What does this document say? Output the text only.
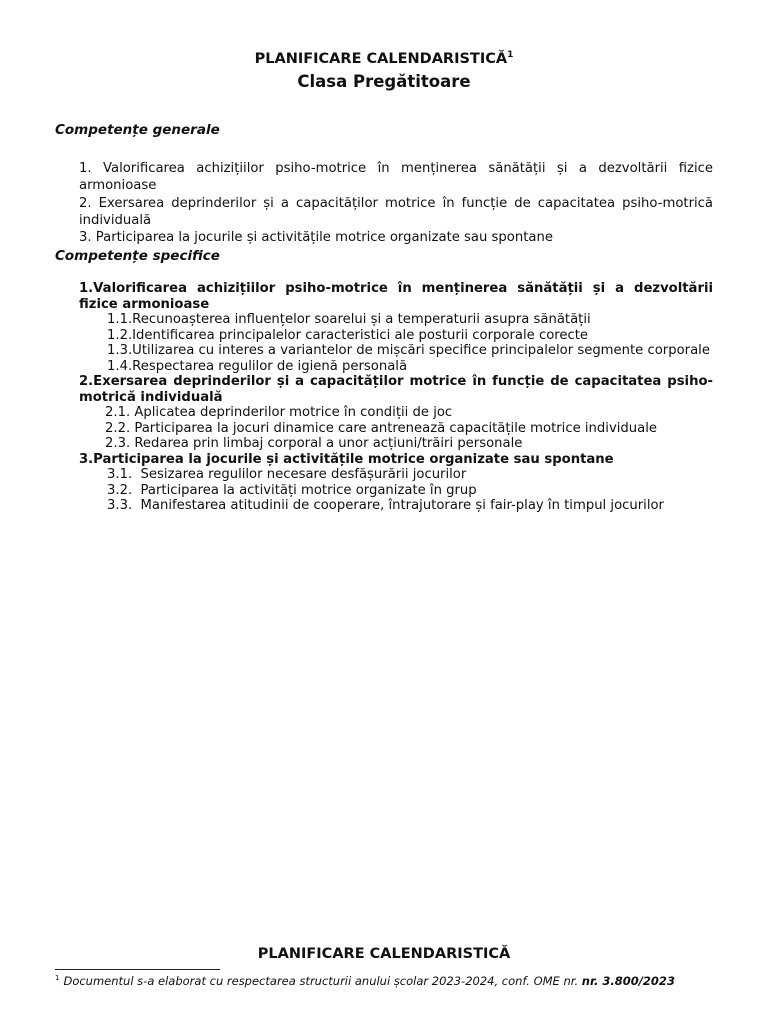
PLANIFICARE CALENDARISTICĂ$^1$
Clasa Pregătitoare
Competențe generale
1. Valorificarea achizițiilor psiho-motrice în menținerea sănătății și a dezvoltării fizice armonioase
2. Exersarea deprinderilor și a capacităților motrice în funcție de capacitatea psiho-motrică individuală
3. Participarea la jocurile și activitățile motrice organizate sau spontane
Competențe specifice
1.Valorificarea achizițiilor psiho-motrice în menținerea sănătății și a dezvoltării fizice armonioase
1.1.Recunoașterea influențelor soarelui și a temperaturii asupra sănătății
1.2.Identificarea principalelor caracteristici ale posturii corporale corecte
1.3.Utilizarea cu interes a variantelor de mișcări specifice principalelor segmente corporale
1.4.Respectarea regulilor de igienă personală
2.Exersarea deprinderilor și a capacităților motrice în funcție de capacitatea psiho-motrică individuală
2.1. Aplicatea deprinderilor motrice în condiții de joc
2.2. Participarea la jocuri dinamice care antrenează capacitățile motrice individuale
2.3. Redarea prin limbaj corporal a unor acțiuni/trăiri personale
3.Participarea la jocurile și activitățile motrice organizate sau spontane
3.1.  Sesizarea regulilor necesare desfășurării jocurilor
3.2.  Participarea la activități motrice organizate în grup
3.3.  Manifestarea atitudinii de cooperare, întrajutorare și fair-play în timpul jocurilor
PLANIFICARE CALENDARISTICĂ
$^1$ Documentul s-a elaborat cu respectarea structurii anului școlar 2023-2024, conf. OME nr. nr. 3.800/2023
